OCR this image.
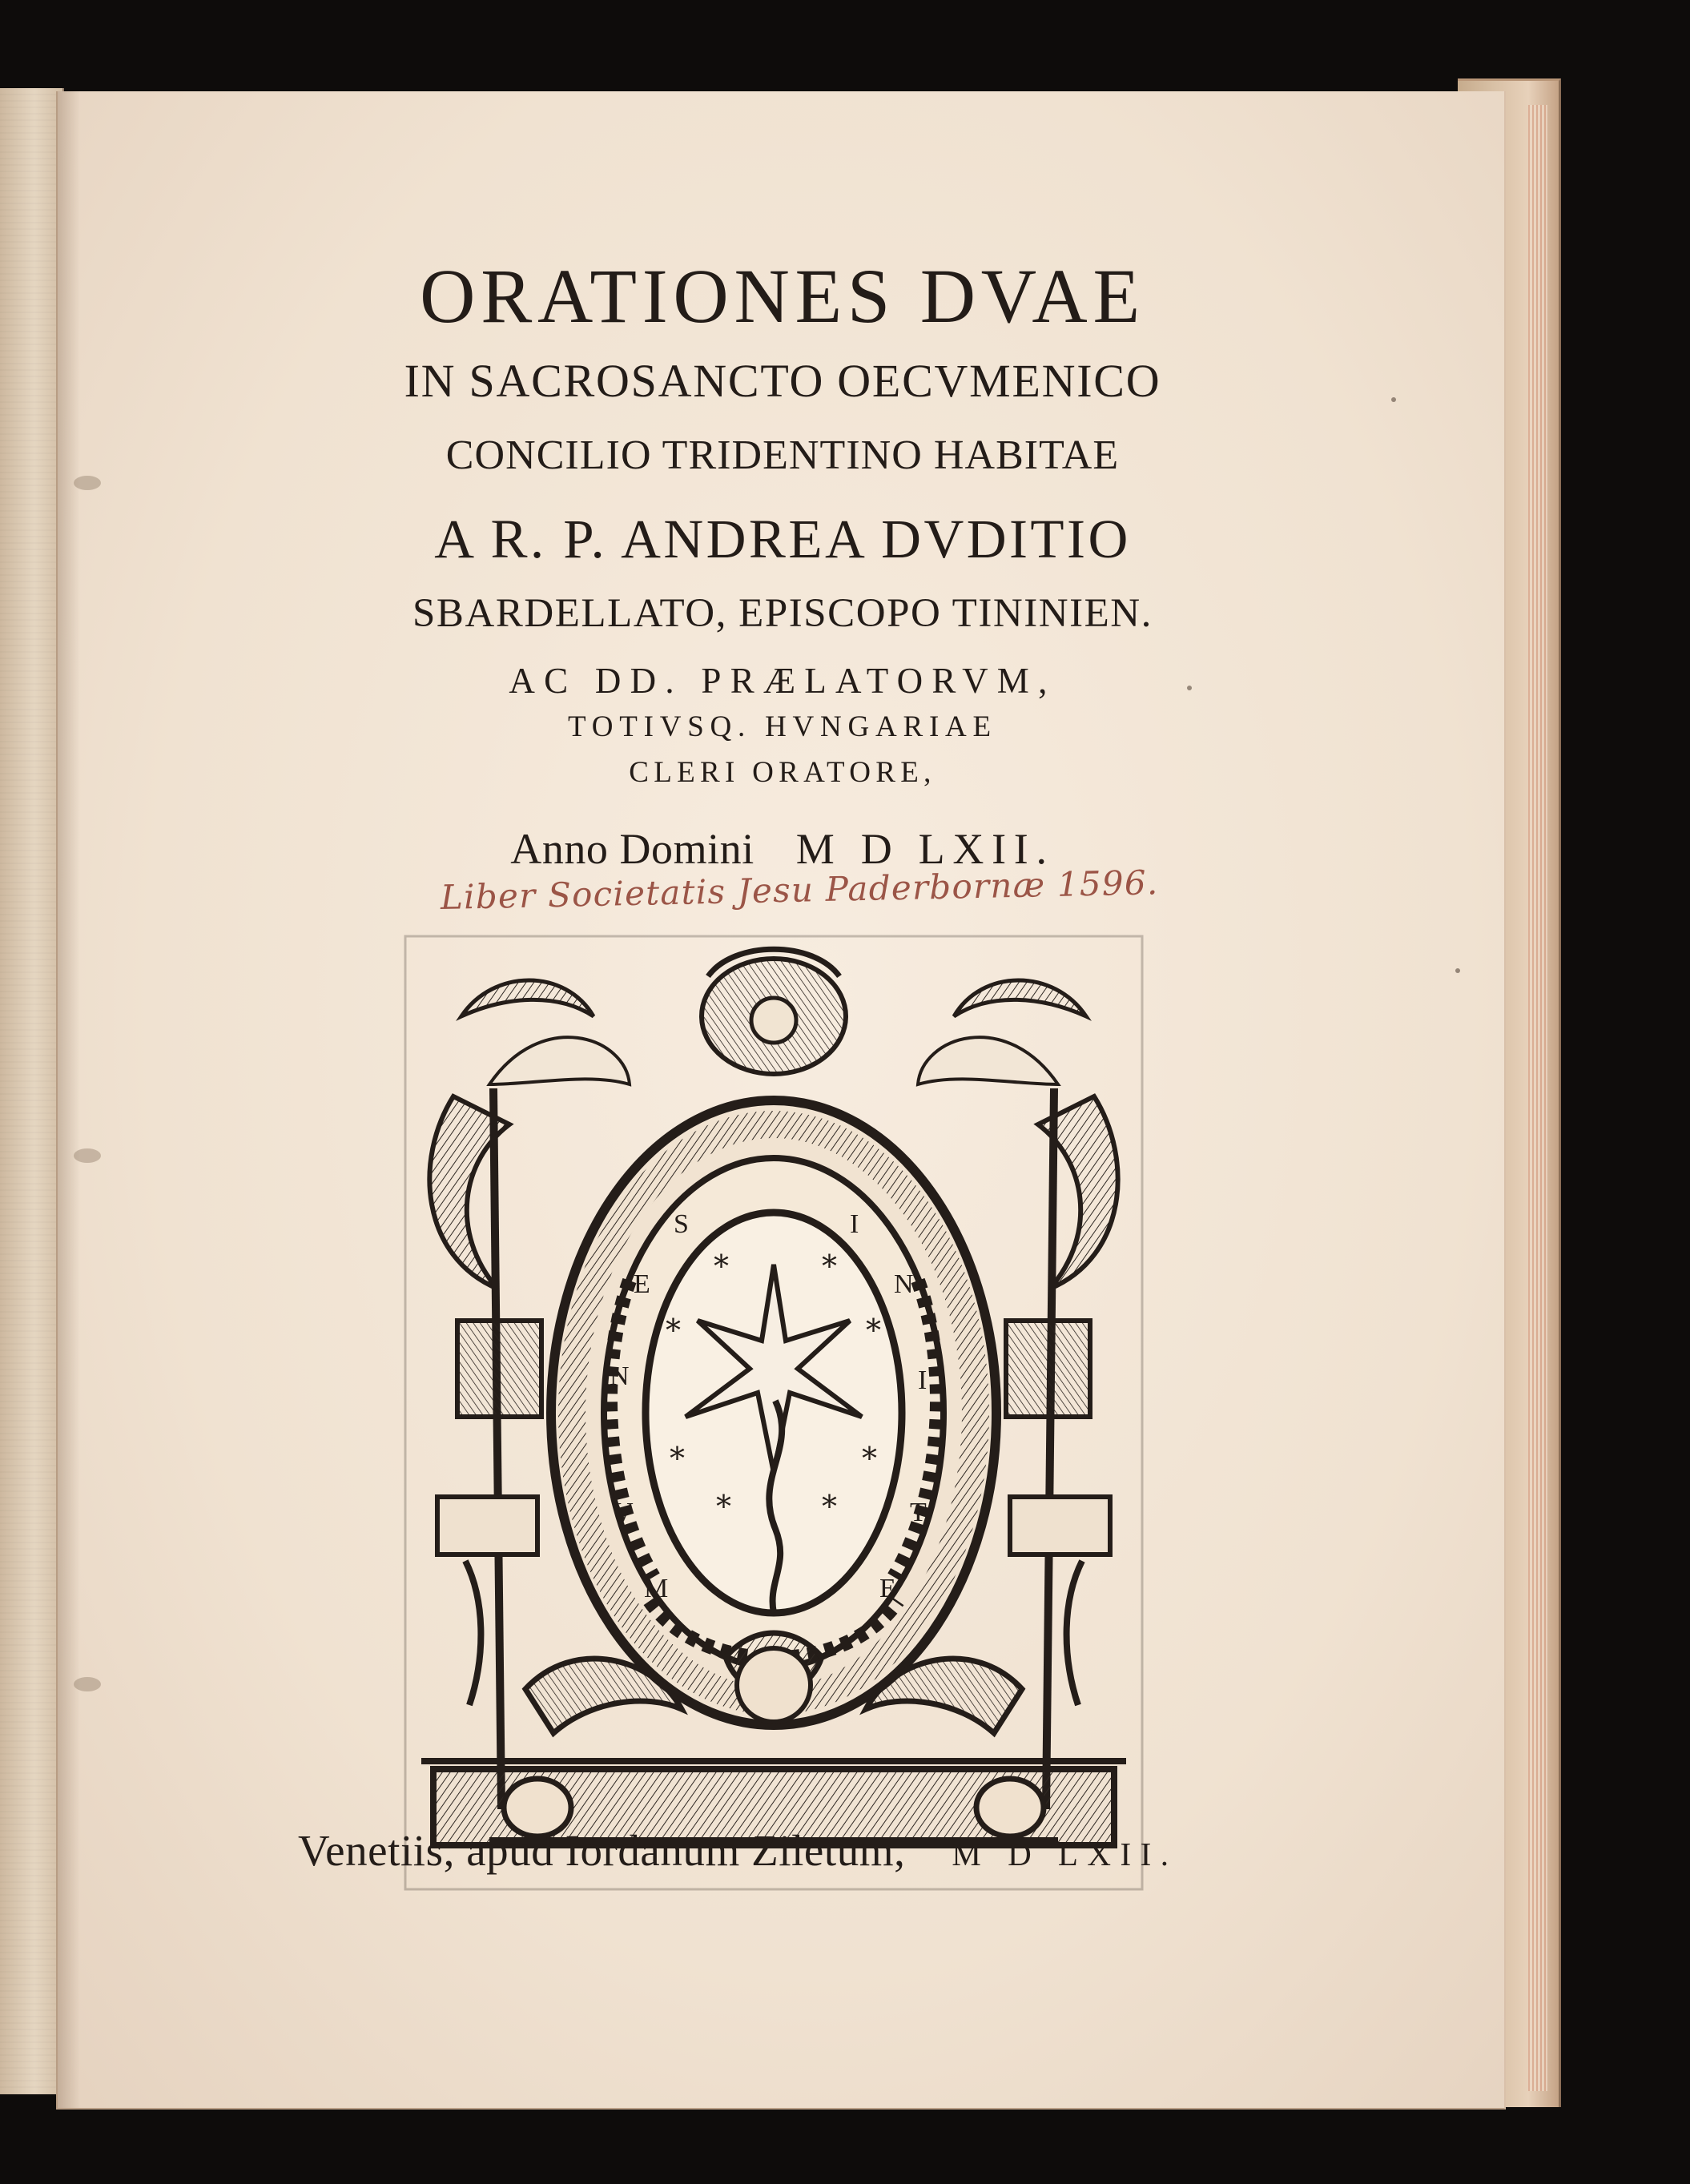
ORATIONES DVAE
IN SACROSANCTO OECVMENICO
CONCILIO TRIDENTINO HABITAE
A R. P. ANDREA DVDITIO
SBARDELLATO, EPISCOPO TININIEN.
AC DD. PRÆLATORVM,
TOTIVSQ. HVNGARIAE
CLERI ORATORE,
Anno Domini M D LXII.
Liber Societatis Jesu Paderbornæ 1596.
*	*
*	*
*	*
*	*
S
E
N
V
M
I
N
I
T
E
Venetiis, apud Iordanum Ziletum, M D LXII.
